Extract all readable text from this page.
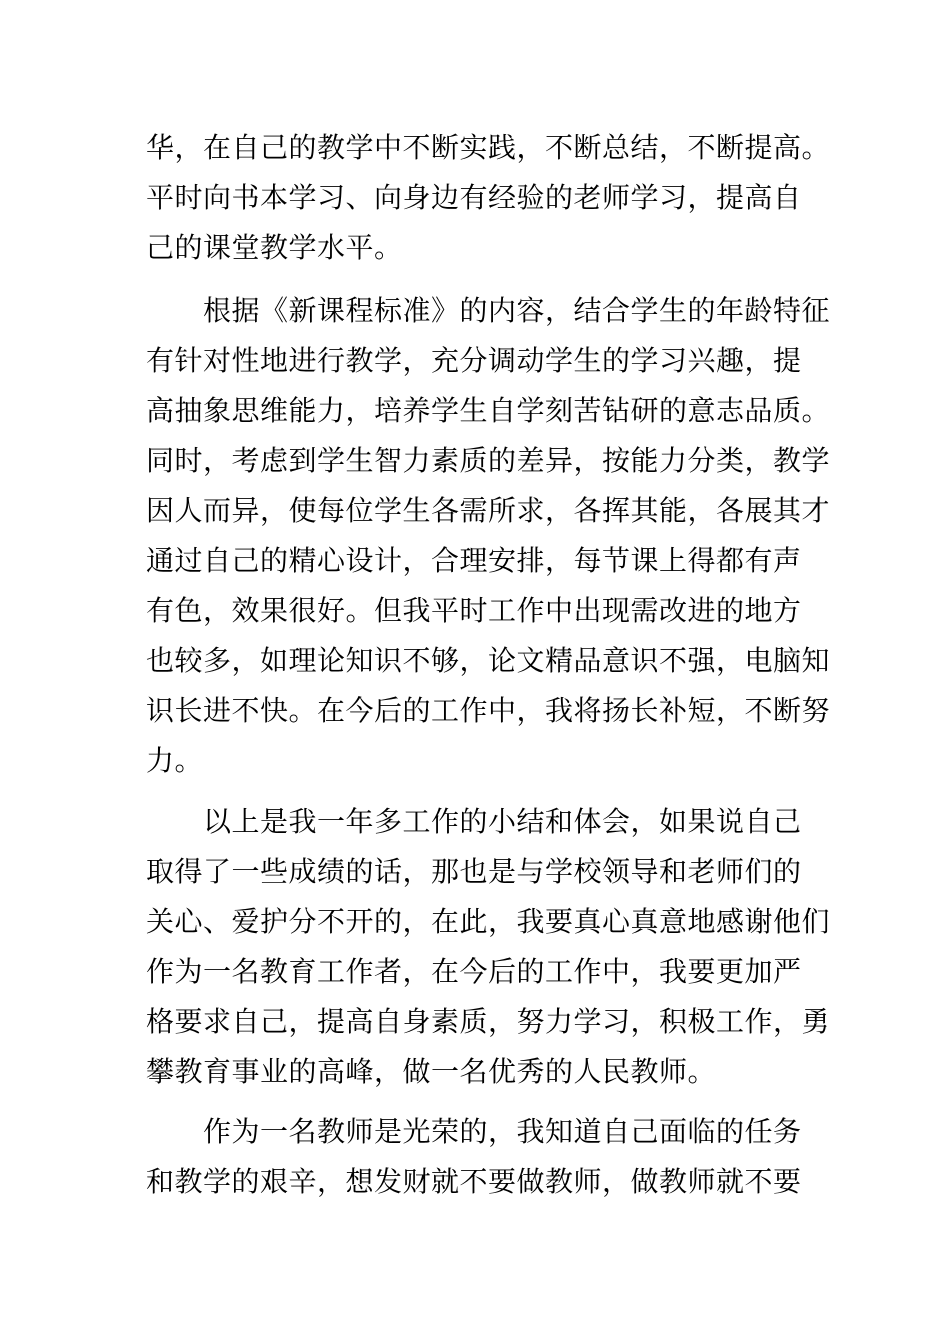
华，在自己的教学中不断实践，不断总结，不断提高。
平时向书本学习、向身边有经验的老师学习，提高自
己的课堂教学水平。
　　根据《新课程标准》的内容，结合学生的年龄特征
有针对性地进行教学，充分调动学生的学习兴趣，提
高抽象思维能力，培养学生自学刻苦钻研的意志品质。
同时，考虑到学生智力素质的差异，按能力分类，教学
因人而异，使每位学生各需所求，各挥其能，各展其才
通过自己的精心设计，合理安排，每节课上得都有声
有色，效果很好。但我平时工作中出现需改进的地方
也较多，如理论知识不够，论文精品意识不强，电脑知
识长进不快。在今后的工作中，我将扬长补短，不断努
力。
　　以上是我一年多工作的小结和体会，如果说自己
取得了一些成绩的话，那也是与学校领导和老师们的
关心、爱护分不开的，在此，我要真心真意地感谢他们
作为一名教育工作者，在今后的工作中，我要更加严
格要求自己，提高自身素质，努力学习，积极工作，勇
攀教育事业的高峰，做一名优秀的人民教师。
　　作为一名教师是光荣的，我知道自己面临的任务
和教学的艰辛，想发财就不要做教师，做教师就不要
